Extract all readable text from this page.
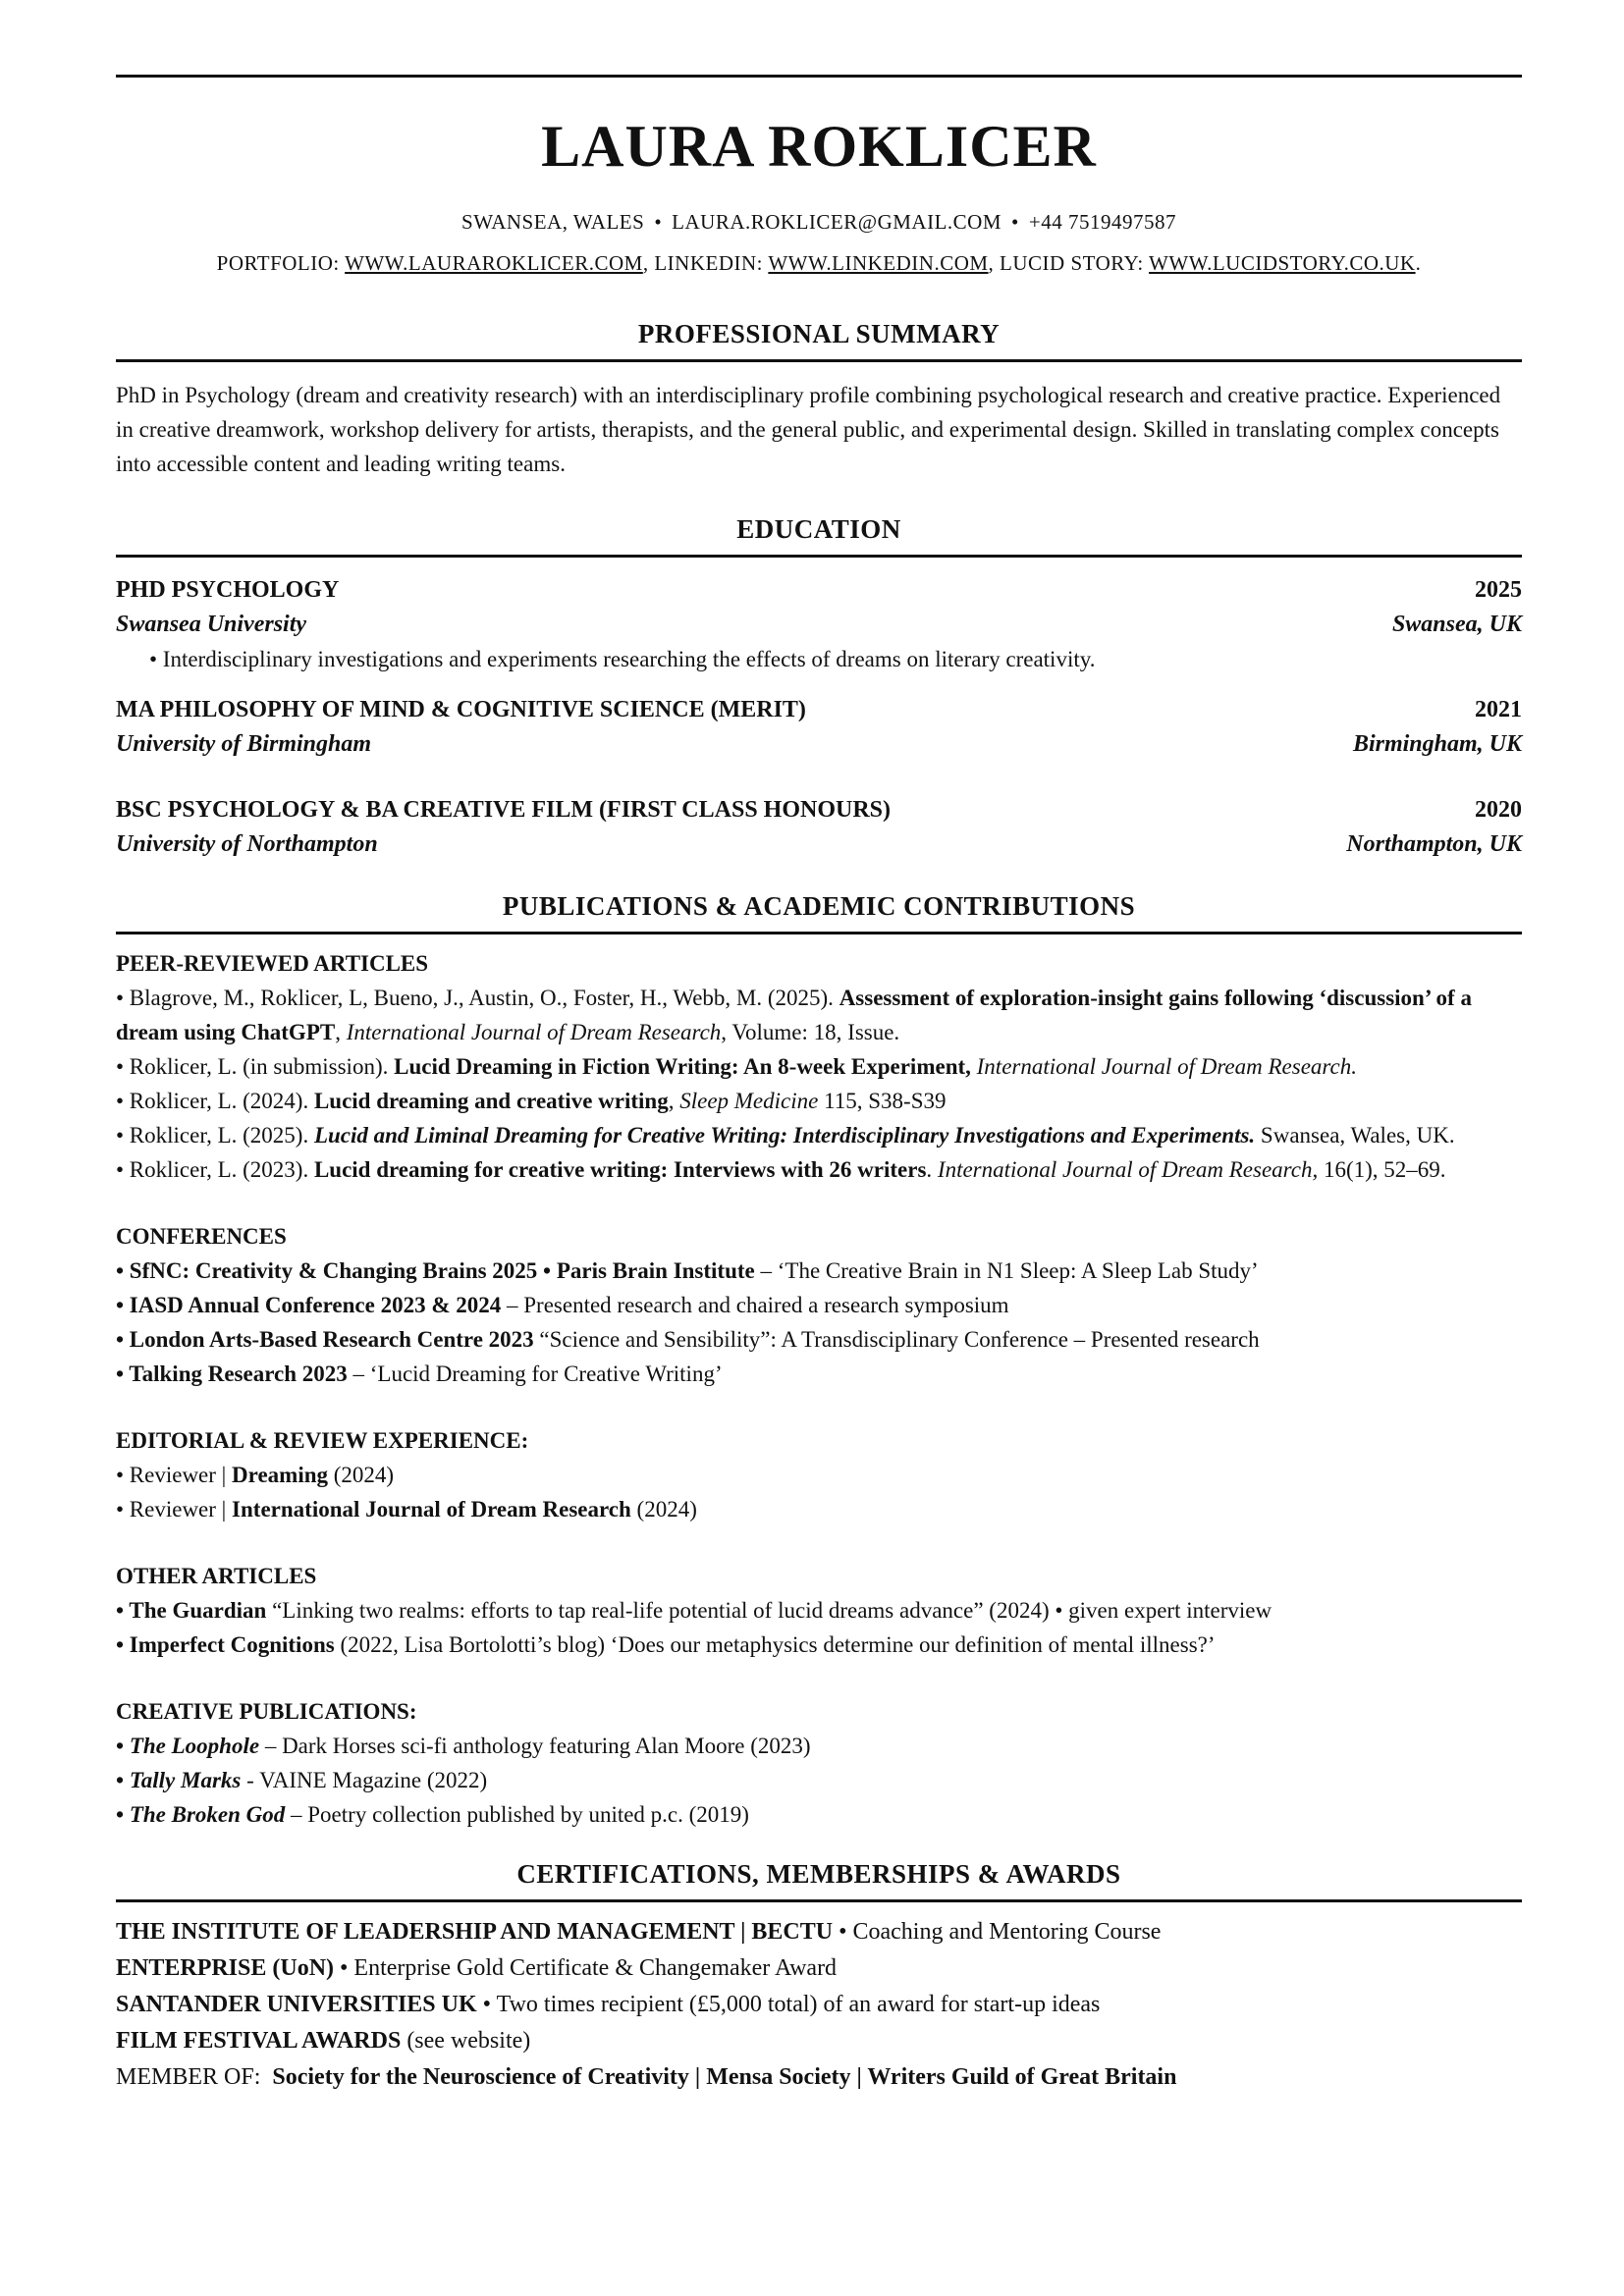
LAURA ROKLICER
SWANSEA, WALES • LAURA.ROKLICER@GMAIL.COM • +44 7519497587
PORTFOLIO: WWW.LAURAROKLICER.COM, LINKEDIN: WWW.LINKEDIN.COM, LUCID STORY: WWW.LUCIDSTORY.CO.UK.
PROFESSIONAL SUMMARY
PhD in Psychology (dream and creativity research) with an interdisciplinary profile combining psychological research and creative practice. Experienced in creative dreamwork, workshop delivery for artists, therapists, and the general public, and experimental design. Skilled in translating complex concepts into accessible content and leading writing teams.
EDUCATION
PHD PSYCHOLOGY	2025
Swansea University	Swansea, UK
• Interdisciplinary investigations and experiments researching the effects of dreams on literary creativity.
MA PHILOSOPHY OF MIND & COGNITIVE SCIENCE (MERIT)	2021
University of Birmingham	Birmingham, UK
BSC PSYCHOLOGY & BA CREATIVE FILM (FIRST CLASS HONOURS)	2020
University of Northampton	Northampton, UK
PUBLICATIONS & ACADEMIC CONTRIBUTIONS
PEER-REVIEWED ARTICLES
• Blagrove, M., Roklicer, L, Bueno, J., Austin, O., Foster, H., Webb, M. (2025). Assessment of exploration-insight gains following ‘discussion’ of a dream using ChatGPT, International Journal of Dream Research, Volume: 18, Issue.
• Roklicer, L. (in submission). Lucid Dreaming in Fiction Writing: An 8-week Experiment, International Journal of Dream Research.
• Roklicer, L. (2024). Lucid dreaming and creative writing, Sleep Medicine 115, S38-S39
• Roklicer, L. (2025). Lucid and Liminal Dreaming for Creative Writing: Interdisciplinary Investigations and Experiments. Swansea, Wales, UK.
• Roklicer, L. (2023). Lucid dreaming for creative writing: Interviews with 26 writers. International Journal of Dream Research, 16(1), 52–69.
CONFERENCES
• SfNC: Creativity & Changing Brains 2025 • Paris Brain Institute – ‘The Creative Brain in N1 Sleep: A Sleep Lab Study’
• IASD Annual Conference 2023 & 2024 – Presented research and chaired a research symposium
• London Arts-Based Research Centre 2023 “Science and Sensibility”: A Transdisciplinary Conference – Presented research
• Talking Research 2023 – ‘Lucid Dreaming for Creative Writing’
EDITORIAL & REVIEW EXPERIENCE:
• Reviewer | Dreaming (2024)
• Reviewer | International Journal of Dream Research (2024)
OTHER ARTICLES
• The Guardian “Linking two realms: efforts to tap real-life potential of lucid dreams advance” (2024) • given expert interview
• Imperfect Cognitions (2022, Lisa Bortolotti’s blog) ‘Does our metaphysics determine our definition of mental illness?’
CREATIVE PUBLICATIONS:
• The Loophole – Dark Horses sci-fi anthology featuring Alan Moore (2023)
• Tally Marks - VAINE Magazine (2022)
• The Broken God – Poetry collection published by united p.c. (2019)
CERTIFICATIONS, MEMBERSHIPS & AWARDS
THE INSTITUTE OF LEADERSHIP AND MANAGEMENT | BECTU • Coaching and Mentoring Course
ENTERPRISE (UoN) • Enterprise Gold Certificate & Changemaker Award
SANTANDER UNIVERSITIES UK • Two times recipient (£5,000 total) of an award for start-up ideas
FILM FESTIVAL AWARDS (see website)
MEMBER OF:  Society for the Neuroscience of Creativity | Mensa Society | Writers Guild of Great Britain
